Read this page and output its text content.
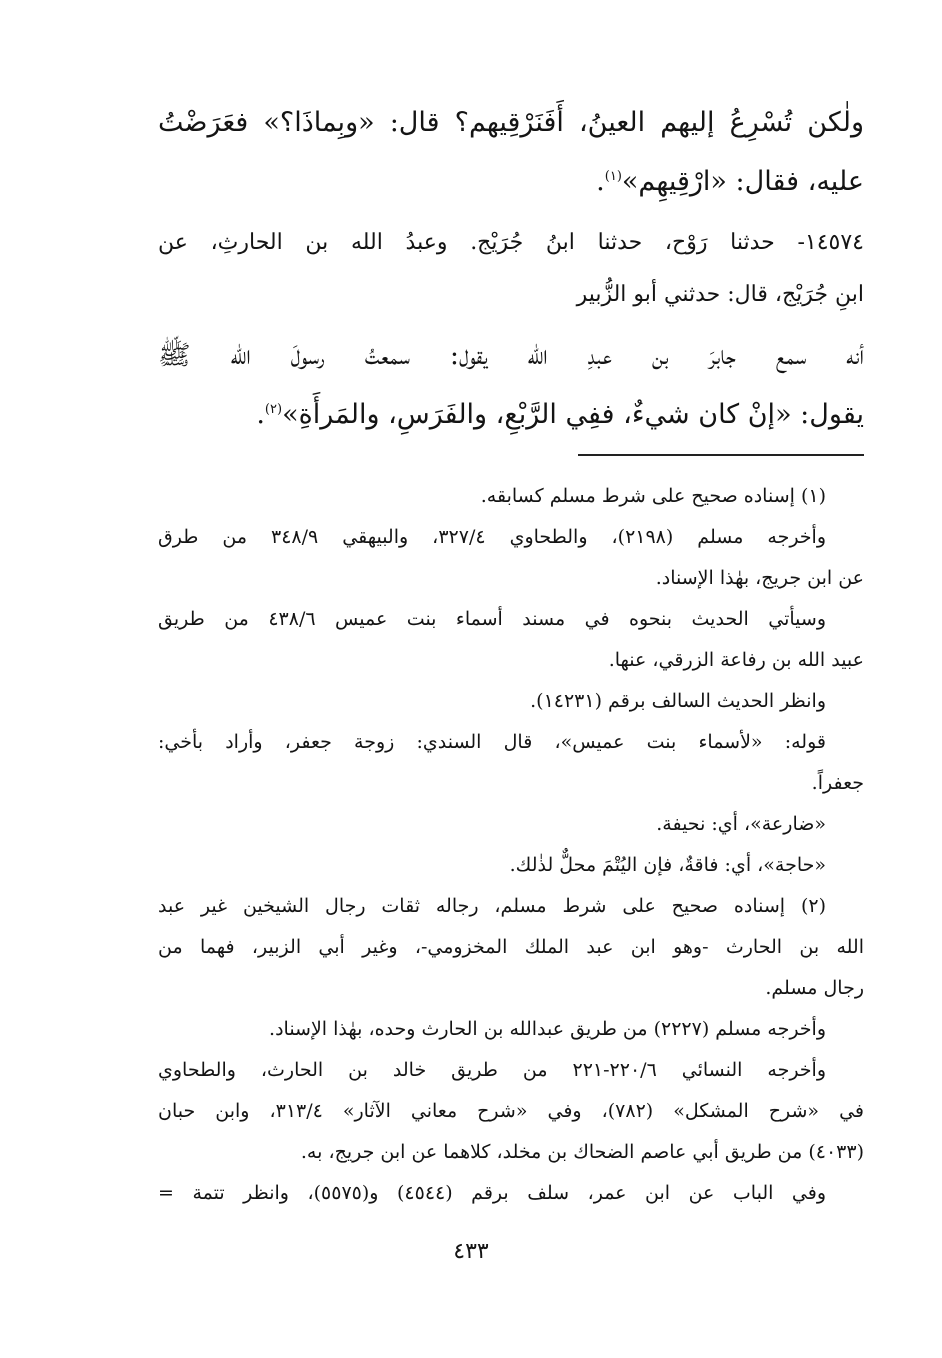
ولٰكن تُسْرِعُ إليهم العينُ، أَفَنَرْقِيهم؟ قال: «وبِماذَا؟» فعَرَضْتُ
عليه، فقال: «ارْقِيهِم»$^{(١)}$.
١٤٥٧٤- حدثنا رَوْح، حدثنا ابنُ جُرَيْج. وعبدُ الله بن الحارثِ، عن
ابنِ جُرَيْج، قال: حدثني أبو الزُّبير
أنه سمع جابرَ بن عبدِ الله يقول: سمعتُ رسولَ الله ﷺ
يقول: «إنْ كان شيءٌ، ففِي الرَّبْعِ، والفَرَسِ، والمَرأَةِ»$^{(٢)}$.
(١) إسناده صحيح على شرط مسلم كسابقه.
وأخرجه مسلم (٢١٩٨)، والطحاوي ٣٢٧/٤، والبيهقي ٣٤٨/٩ من طرق
عن ابن جريج، بهٰذا الإسناد.
وسيأتي الحديث بنحوه في مسند أسماء بنت عميس ٤٣٨/٦ من طريق
عبيد الله بن رفاعة الزرقي، عنها.
وانظر الحديث السالف برقم (١٤٢٣١).
قوله: «لأسماء بنت عميس»، قال السندي: زوجة جعفر، وأراد بأخي:
جعفراً.
«ضارعة»، أي: نحيفة.
«حاجة»، أي: فاقةٌ، فإن اليُتْمَ محلٌّ لذٰلك.
(٢) إسناده صحيح على شرط مسلم، رجاله ثقات رجال الشيخين غير عبد
الله بن الحارث -وهو ابن عبد الملك المخزومي-، وغير أبي الزبير، فهما من
رجال مسلم.
وأخرجه مسلم (٢٢٢٧) من طريق عبدالله بن الحارث وحده، بهٰذا الإسناد.
وأخرجه النسائي ٢٢٠/٦-٢٢١ من طريق خالد بن الحارث، والطحاوي
في «شرح المشكل» (٧٨٢)، وفي «شرح معاني الآثار» ٣١٣/٤، وابن حبان
(٤٠٣٣) من طريق أبي عاصم الضحاك بن مخلد، كلاهما عن ابن جريج، به.
وفي الباب عن ابن عمر، سلف برقم (٤٥٤٤) و(٥٥٧٥)، وانظر تتمة =
٤٣٣
